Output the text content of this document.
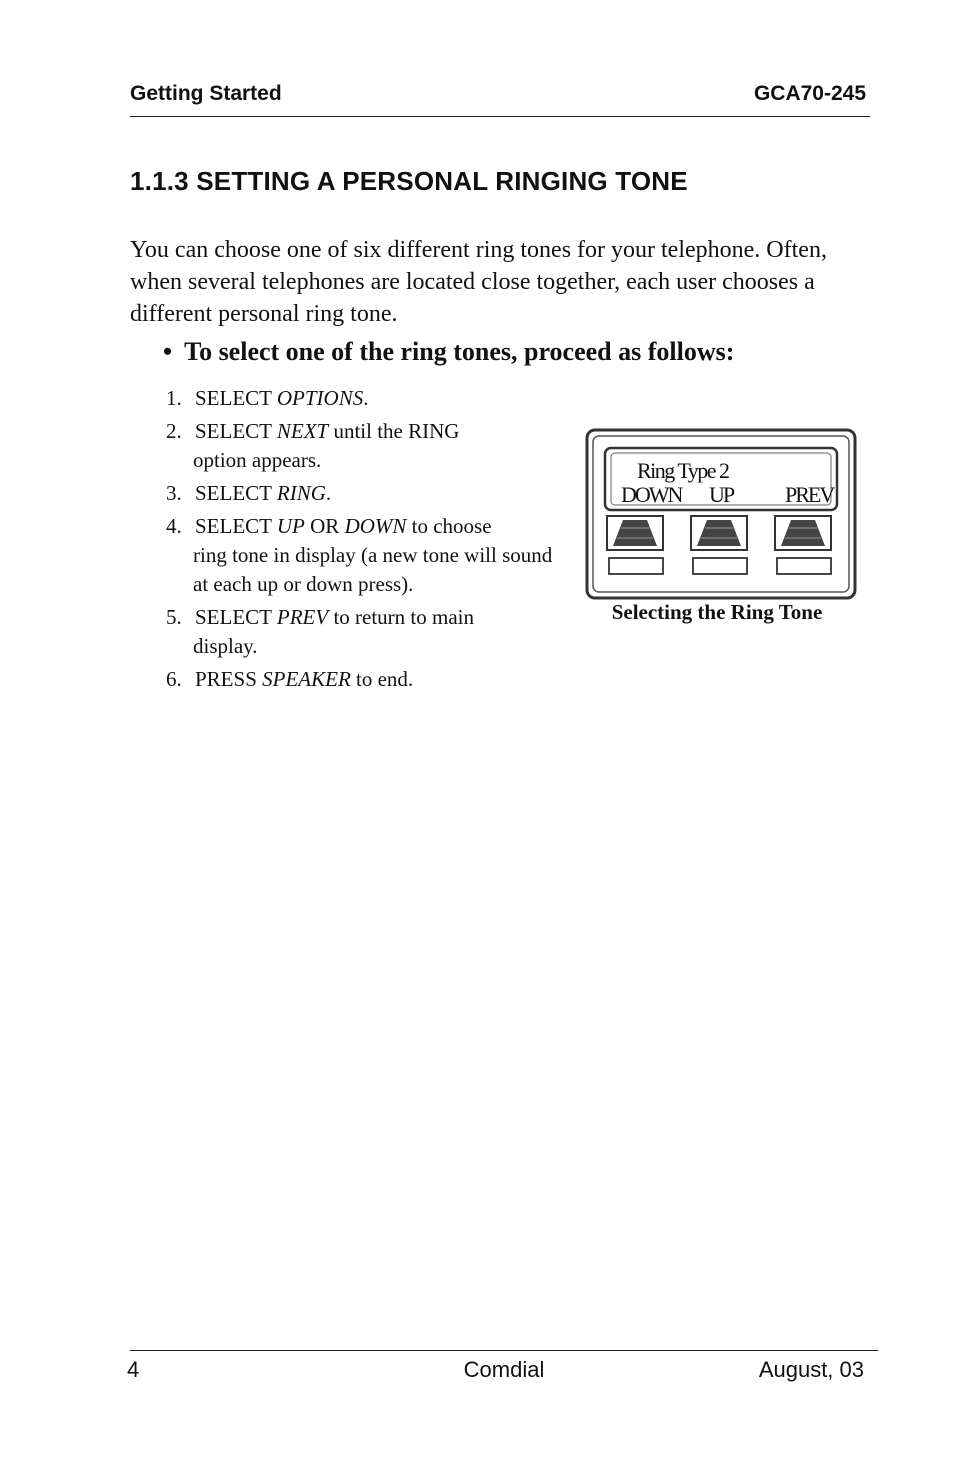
Getting Started	GCA70-245
1.1.3 SETTING A PERSONAL RINGING TONE

You can choose one of six different ring tones for your telephone. Often, when several telephones are located close together, each user chooses a different personal ring tone.

• To select one of the ring tones, proceed as follows:

1. SELECT OPTIONS.
2. SELECT NEXT until the RING
option appears.
3. SELECT RING.
4. SELECT UP OR DOWN to choose
ring tone in display (a new tone will sound at each up or down press).
5. SELECT PREV to return to main
display.
6. PRESS SPEAKER to end.
Ring Type 2
DOWN UP PREV
Selecting the Ring Tone
4	Comdial	August, 03
